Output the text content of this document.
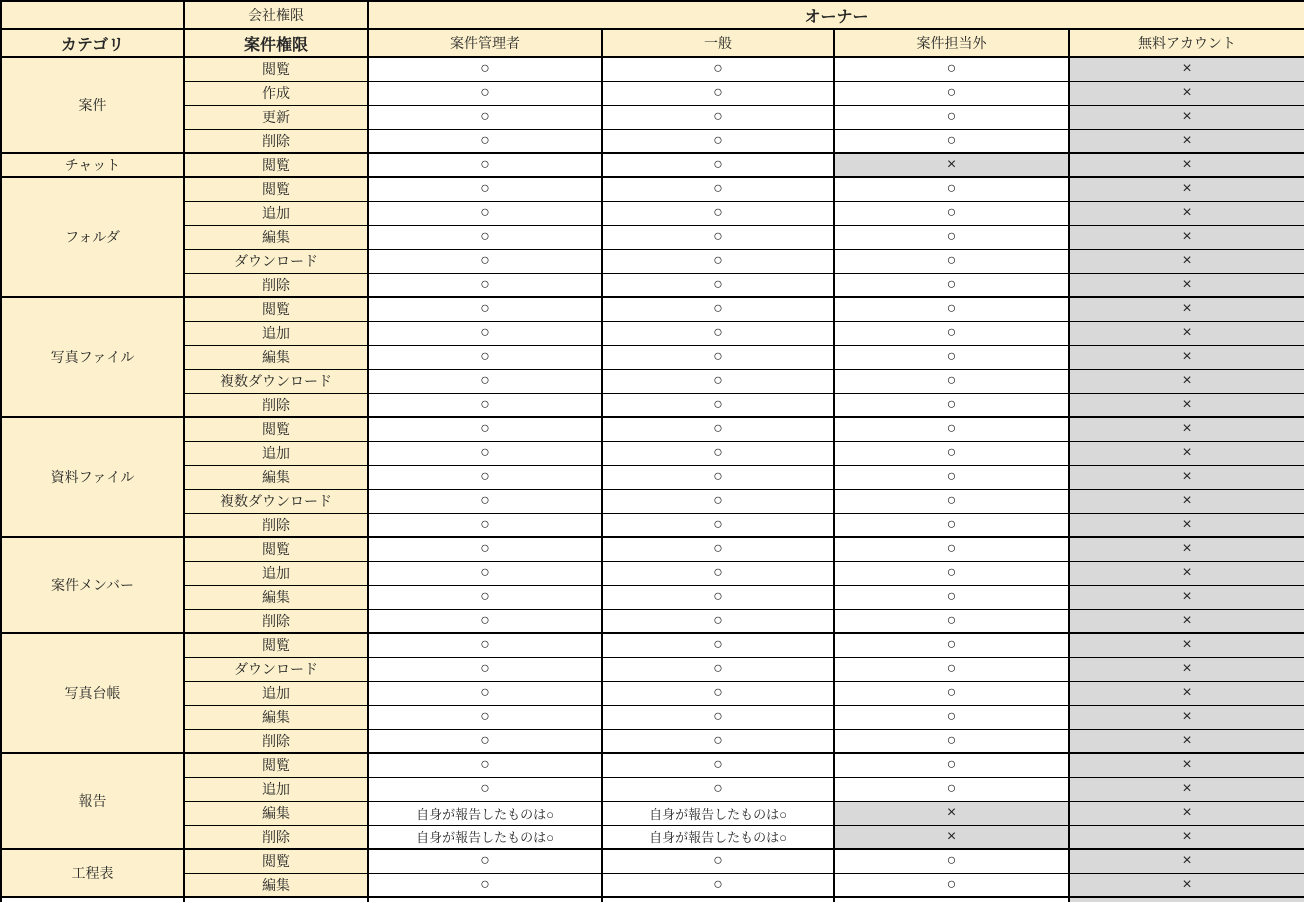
	会社権限	オーナー			
カテゴリ	案件権限	案件管理者	一般	案件担当外	無料アカウント
案件	閲覧	○	○	○	×
	作成	○	○	○	×
	更新	○	○	○	×
	削除	○	○	○	×
チャット	閲覧	○	○	×	×
フォルダ	閲覧	○	○	○	×
	追加	○	○	○	×
	編集	○	○	○	×
	ダウンロード	○	○	○	×
	削除	○	○	○	×
写真ファイル	閲覧	○	○	○	×
	追加	○	○	○	×
	編集	○	○	○	×
	複数ダウンロード	○	○	○	×
	削除	○	○	○	×
資料ファイル	閲覧	○	○	○	×
	追加	○	○	○	×
	編集	○	○	○	×
	複数ダウンロード	○	○	○	×
	削除	○	○	○	×
案件メンバー	閲覧	○	○	○	×
	追加	○	○	○	×
	編集	○	○	○	×
	削除	○	○	○	×
写真台帳	閲覧	○	○	○	×
	ダウンロード	○	○	○	×
	追加	○	○	○	×
	編集	○	○	○	×
	削除	○	○	○	×
報告	閲覧	○	○	○	×
	追加	○	○	○	×
	編集	自身が報告したものは○	自身が報告したものは○	×	×
	削除	自身が報告したものは○	自身が報告したものは○	×	×
工程表	閲覧	○	○	○	×
	編集	○	○	○	×
